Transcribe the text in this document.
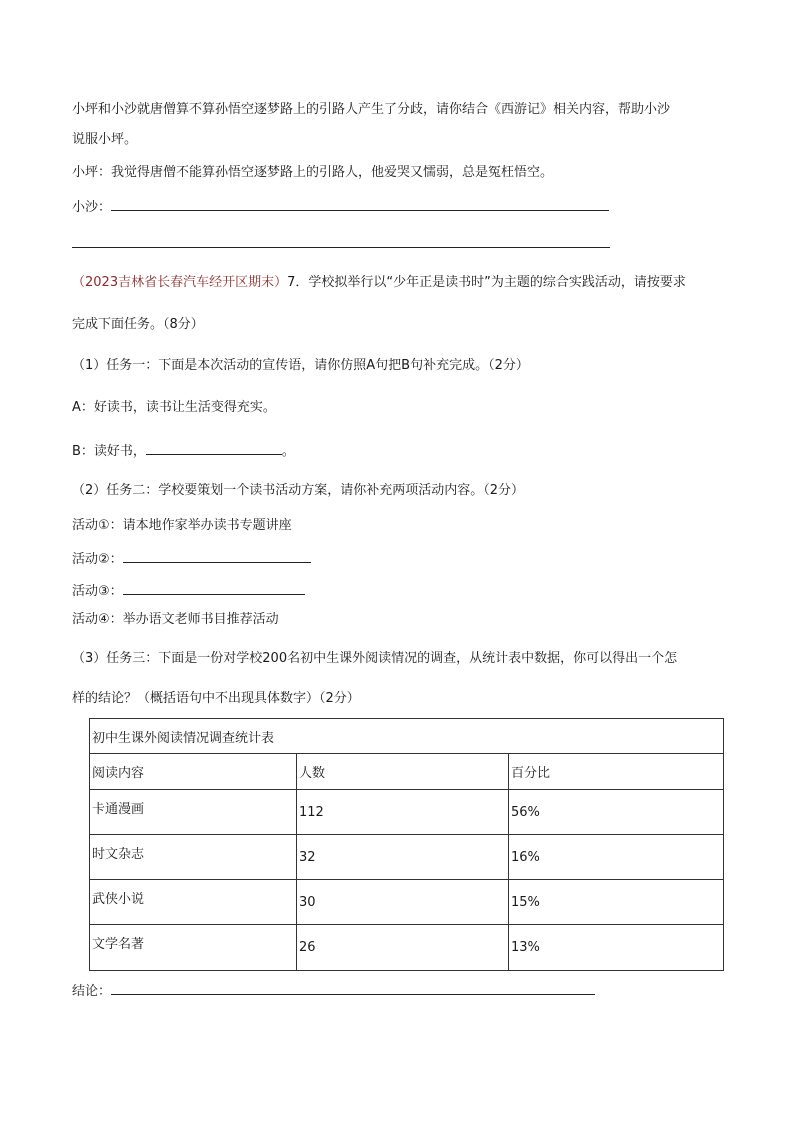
小坪和小沙就唐僧算不算孙悟空逐梦路上的引路人产生了分歧，请你结合《西游记》相关内容，帮助小沙
说服小坪。
小坪：我觉得唐僧不能算孙悟空逐梦路上的引路人，他爱哭又懦弱，总是冤枉悟空。
小沙：
（2023吉林省长春汽车经开区期末）7．学校拟举行以“少年正是读书时”为主题的综合实践活动，请按要求
完成下面任务。（8分）
（1）任务一：下面是本次活动的宣传语，请你仿照A句把B句补充完成。（2分）
A：好读书，读书让生活变得充实。
B：读好书，	。
（2）任务二：学校要策划一个读书活动方案，请你补充两项活动内容。（2分）
活动①：请本地作家举办读书专题讲座
活动②：
活动③：
活动④：举办语文老师书目推荐活动
（3）任务三：下面是一份对学校200名初中生课外阅读情况的调查，从统计表中数据，你可以得出一个怎
样的结论？（概括语句中不出现具体数字）（2分）
初中生课外阅读情况调查统计表		
阅读内容	人数	百分比
卡通漫画	112	56%
时文杂志	32	16%
武侠小说	30	15%
文学名著	26	13%
结论：
